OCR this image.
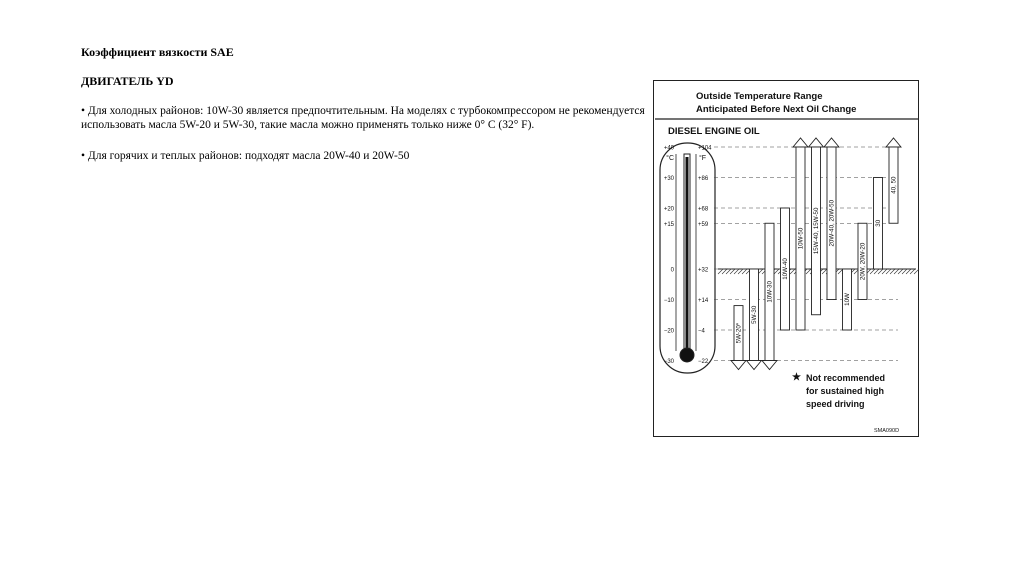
Коэффициент вязкости SAE
ДВИГАТЕЛЬ YD
• Для холодных районов: 10W-30 является предпочтительным. На моделях с турбокомпрессором не рекомендуется использовать масла 5W-20 и 5W-30, такие масла можно применять только ниже 0° C (32° F).
• Для горячих и теплых районов: подходят масла 20W-40 и 20W-50
Outside Temperature Range
Anticipated Before Next Oil Change
DIESEL ENGINE OIL
°C	°F
+40	+104
+30	+86
+20	+68
+15	+59
0	+32
−10	+14
−20	−4
−30	−22
5W-20*
5W-30
10W-30
10W-40
10W-50 15W-40, 15W-50 20W-40, 20W-50
10W
20W, 20W-20
30
40, 50
★ Not recommended
for sustained high
speed driving
SMA090D
